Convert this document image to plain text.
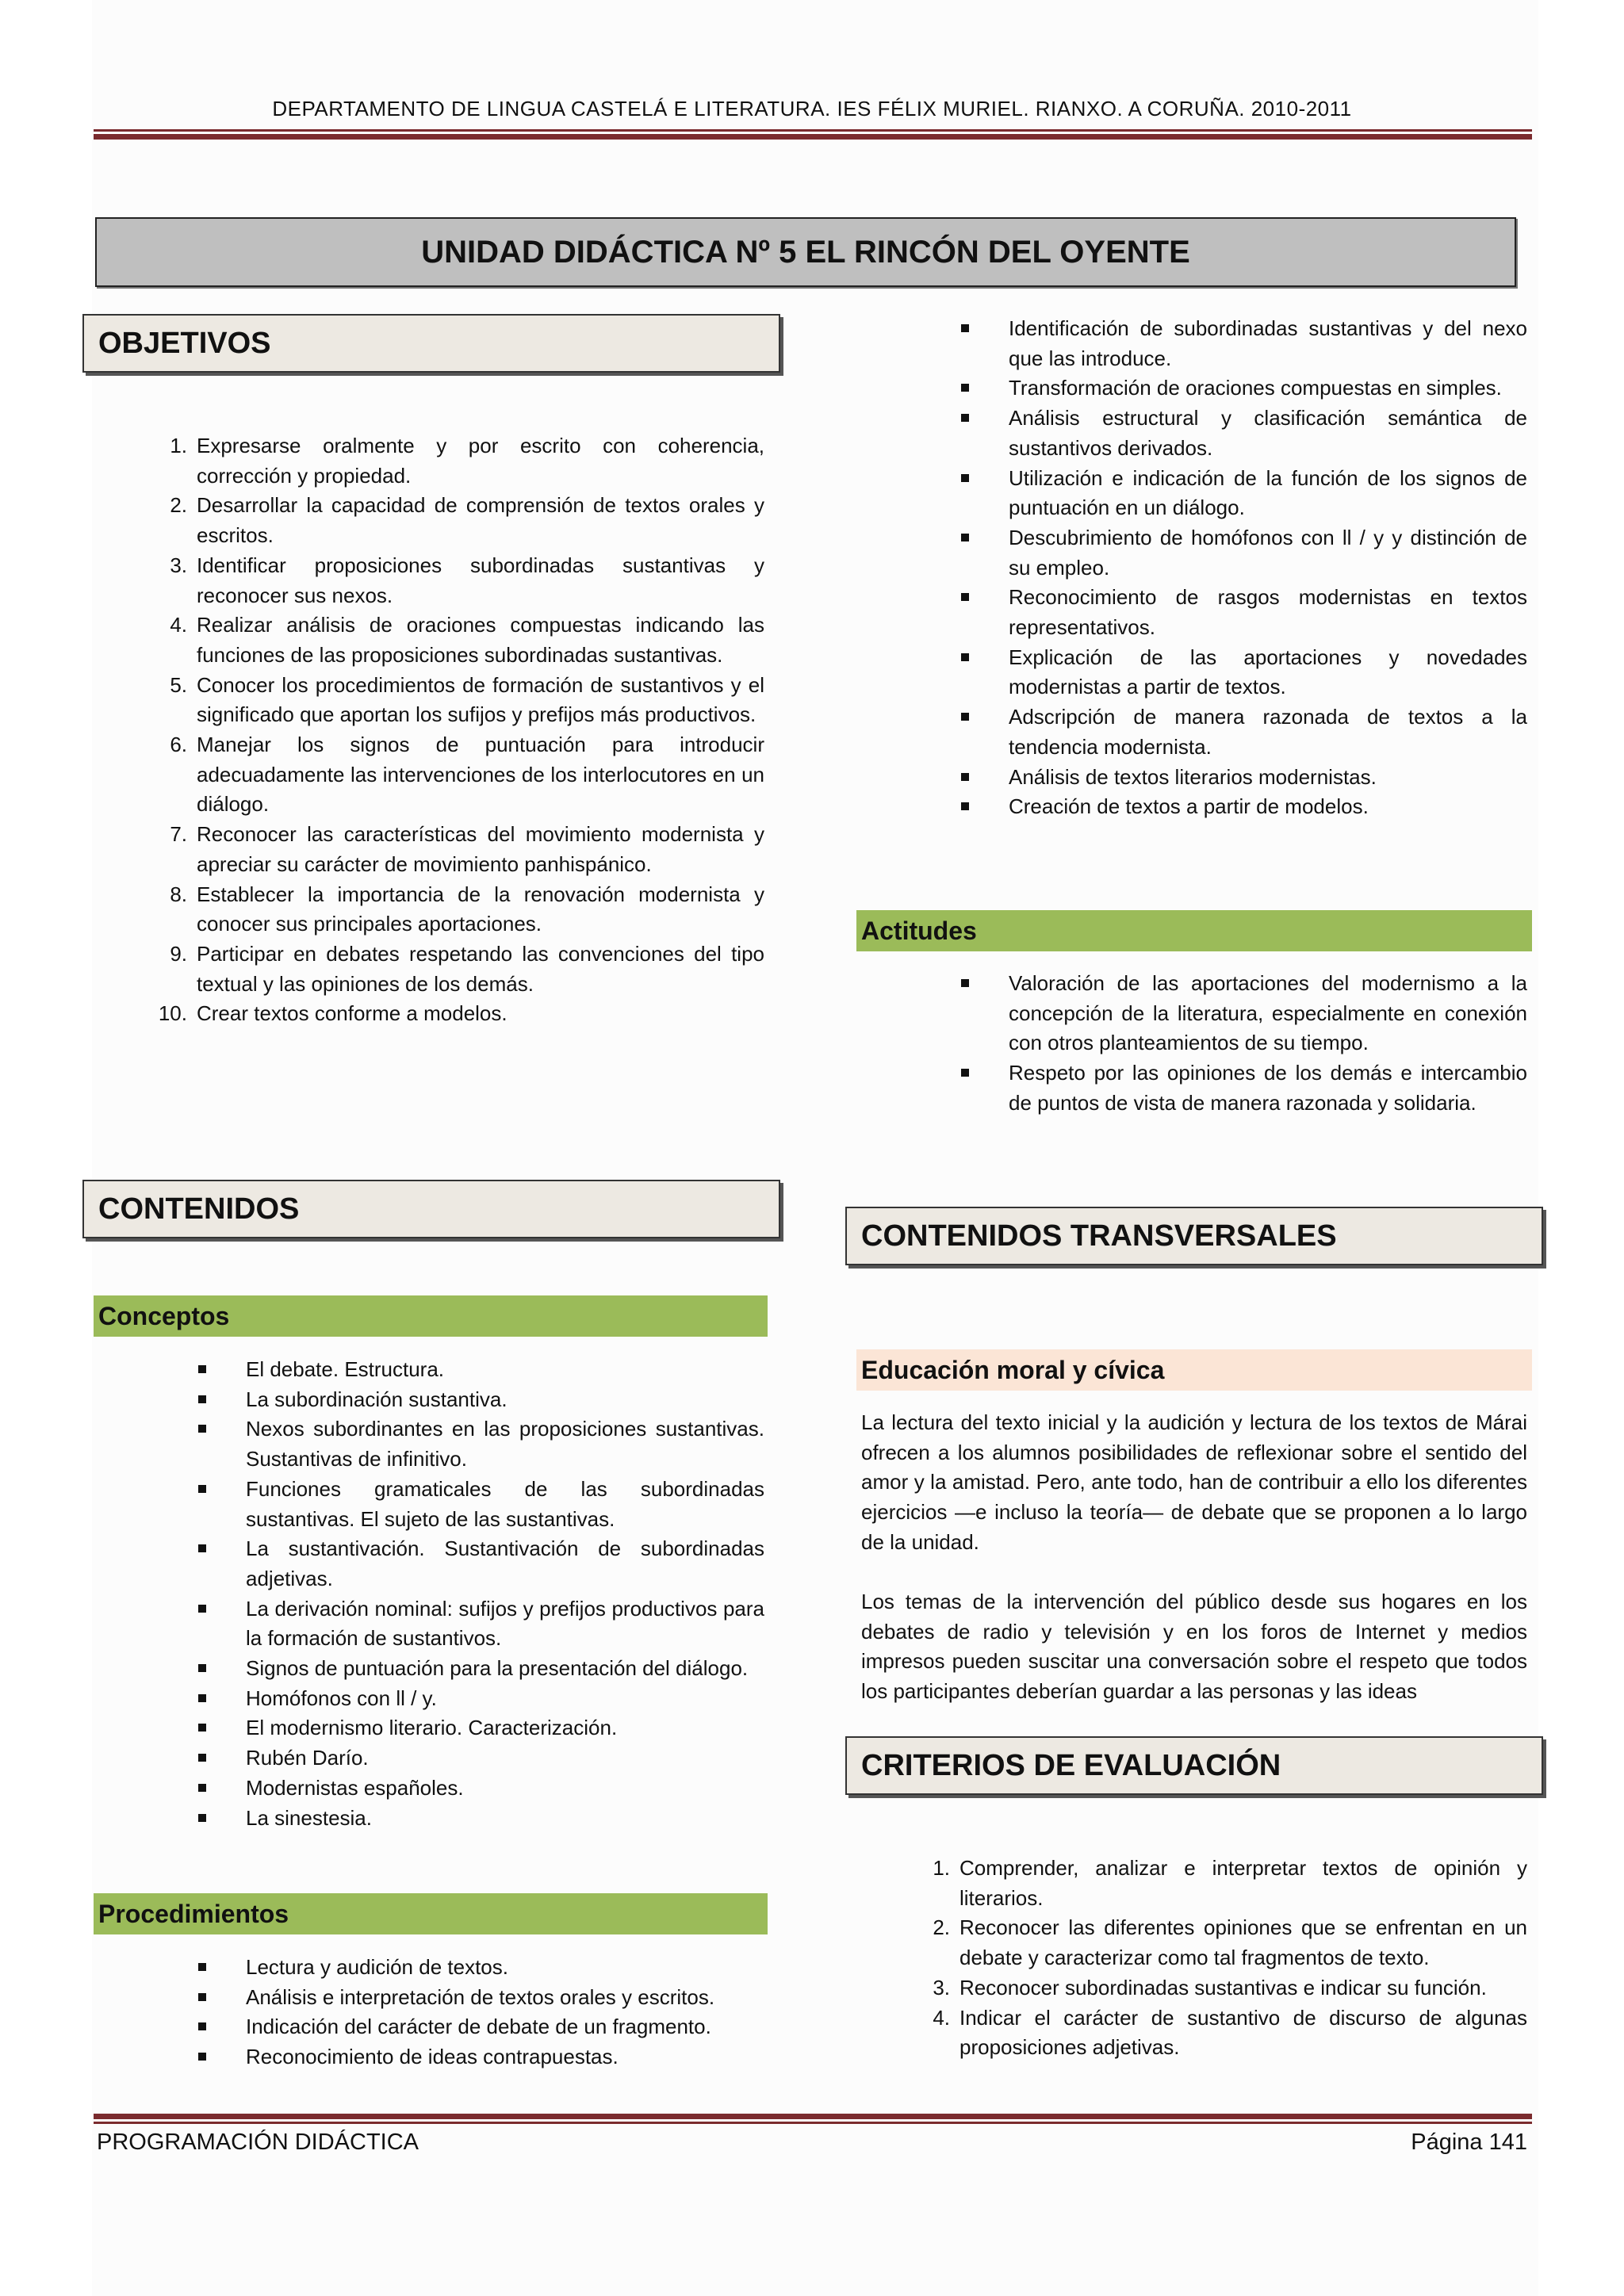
DEPARTAMENTO DE LINGUA CASTELÁ E LITERATURA. IES FÉLIX MURIEL. RIANXO. A CORUÑA. 2010-2011
UNIDAD DIDÁCTICA Nº 5 EL RINCÓN DEL OYENTE
OBJETIVOS
1. Expresarse oralmente y por escrito con coherencia, corrección y propiedad.
2. Desarrollar la capacidad de comprensión de textos orales y escritos.
3. Identificar proposiciones subordinadas sustantivas y reconocer sus nexos.
4. Realizar análisis de oraciones compuestas indicando las funciones de las proposiciones subordinadas sustantivas.
5. Conocer los procedimientos de formación de sustantivos y el significado que aportan los sufijos y prefijos más productivos.
6. Manejar los signos de puntuación para introducir adecuadamente las intervenciones de los interlocutores en un diálogo.
7. Reconocer las características del movimiento modernista y apreciar su carácter de movimiento panhispánico.
8. Establecer la importancia de la renovación modernista y conocer sus principales aportaciones.
9. Participar en debates respetando las convenciones del tipo textual y las opiniones de los demás.
10. Crear textos conforme a modelos.
CONTENIDOS
Conceptos
El debate. Estructura.
La subordinación sustantiva.
Nexos subordinantes en las proposiciones sustantivas. Sustantivas de infinitivo.
Funciones gramaticales de las subordinadas sustantivas. El sujeto de las sustantivas.
La sustantivación. Sustantivación de subordinadas adjetivas.
La derivación nominal: sufijos y prefijos productivos para la formación de sustantivos.
Signos de puntuación para la presentación del diálogo.
Homófonos con ll / y.
El modernismo literario. Caracterización.
Rubén Darío.
Modernistas españoles.
La sinestesia.
Procedimientos
Lectura y audición de textos.
Análisis e interpretación de textos orales y escritos.
Indicación del carácter de debate de un fragmento.
Reconocimiento de ideas contrapuestas.
Identificación de subordinadas sustantivas y del nexo que las introduce.
Transformación de oraciones compuestas en simples.
Análisis estructural y clasificación semántica de sustantivos derivados.
Utilización e indicación de la función de los signos de puntuación en un diálogo.
Descubrimiento de homófonos con ll / y y distinción de su empleo.
Reconocimiento de rasgos modernistas en textos representativos.
Explicación de las aportaciones y novedades modernistas a partir de textos.
Adscripción de manera razonada de textos a la tendencia modernista.
Análisis de textos literarios modernistas.
Creación de textos a partir de modelos.
Actitudes
Valoración de las aportaciones del modernismo a la concepción de la literatura, especialmente en conexión con otros planteamientos de su tiempo.
Respeto por las opiniones de los demás e intercambio de puntos de vista de manera razonada y solidaria.
CONTENIDOS TRANSVERSALES
Educación moral y cívica

La lectura del texto inicial y la audición y lectura de los textos de Márai ofrecen a los alumnos posibilidades de reflexionar sobre el sentido del amor y la amistad. Pero, ante todo, han de contribuir a ello los diferentes ejercicios —e incluso la teoría— de debate que se proponen a lo largo de la unidad.

Los temas de la intervención del público desde sus hogares en los debates de radio y televisión y en los foros de Internet y medios impresos pueden suscitar una conversación sobre el respeto que todos los participantes deberían guardar a las personas y las ideas

CRITERIOS DE EVALUACIÓN
1. Comprender, analizar e interpretar textos de opinión y literarios.
2. Reconocer las diferentes opiniones que se enfrentan en un debate y caracterizar como tal fragmentos de texto.
3. Reconocer subordinadas sustantivas e indicar su función.
4. Indicar el carácter de sustantivo de discurso de algunas proposiciones adjetivas.
PROGRAMACIÓN DIDÁCTICA	Página 141
